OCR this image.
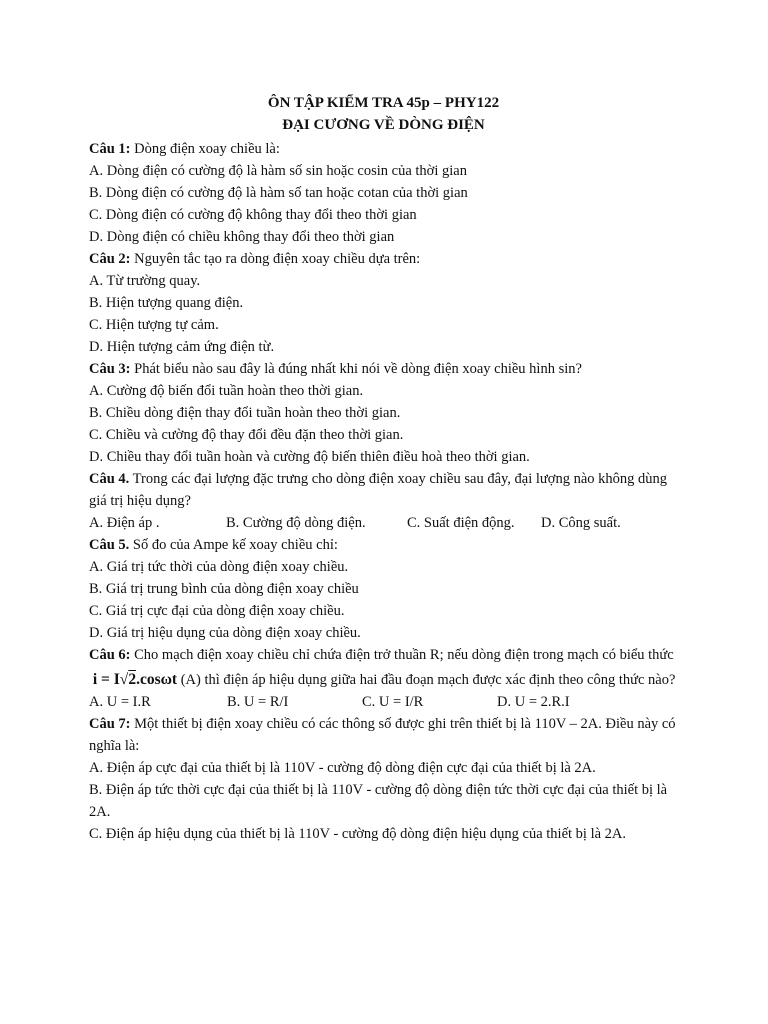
ÔN TẬP KIỂM TRA 45p – PHY122
ĐẠI CƯƠNG VỀ DÒNG ĐIỆN
Câu 1: Dòng điện xoay chiều là:
A. Dòng điện có cường độ là hàm số sin hoặc cosin của thời gian
B. Dòng điện có cường độ là hàm số tan hoặc cotan của thời gian
C. Dòng điện có cường độ không thay đổi theo thời gian
D. Dòng điện có chiều không thay đổi theo thời gian
Câu 2: Nguyên tắc tạo ra dòng điện xoay chiều dựa trên:
A. Từ trường quay.
B. Hiện tượng quang điện.
C. Hiện tượng tự cảm.
D. Hiện tượng cảm ứng điện từ.
Câu 3: Phát biểu nào sau đây là đúng nhất khi nói về dòng điện xoay chiều hình sin?
A. Cường độ biến đổi tuần hoàn theo thời gian.
B. Chiều dòng điện thay đổi tuần hoàn theo thời gian.
C. Chiều và cường độ thay đổi đều đặn theo thời gian.
D. Chiều thay đổi tuần hoàn và cường độ biến thiên điều hoà theo thời gian.
Câu 4. Trong các đại lượng đặc trưng cho dòng điện xoay chiều sau đây, đại lượng nào không dùng giá trị hiệu dụng?
A. Điện áp .	B. Cường độ dòng điện.	C. Suất điện động.	D. Công suất.
Câu 5. Số đo của Ampe kế xoay chiều chỉ:
A. Giá trị tức thời của dòng điện xoay chiều.
B. Giá trị trung bình của dòng điện xoay chiều
C. Giá trị cực đại của dòng điện xoay chiều.
D. Giá trị hiệu dụng của dòng điện xoay chiều.
Câu 6: Cho mạch điện xoay chiều chỉ chứa điện trở thuần R; nếu dòng điện trong mạch có biểu thức
i = I√2.cosωt (A) thì điện áp hiệu dụng giữa hai đầu đoạn mạch được xác định theo công thức nào?
A. U = I.R	B. U = R/I	C. U = I/R	D. U = 2.R.I
Câu 7: Một thiết bị điện xoay chiều có các thông số được ghi trên thiết bị là 110V – 2A. Điều này có nghĩa là:
A. Điện áp cực đại của thiết bị là 110V - cường độ dòng điện cực đại của thiết bị là 2A.
B. Điện áp tức thời cực đại của thiết bị là 110V - cường độ dòng điện tức thời cực đại của thiết bị là 2A.
C. Điện áp hiệu dụng của thiết bị là 110V - cường độ dòng điện hiệu dụng của thiết bị là 2A.
